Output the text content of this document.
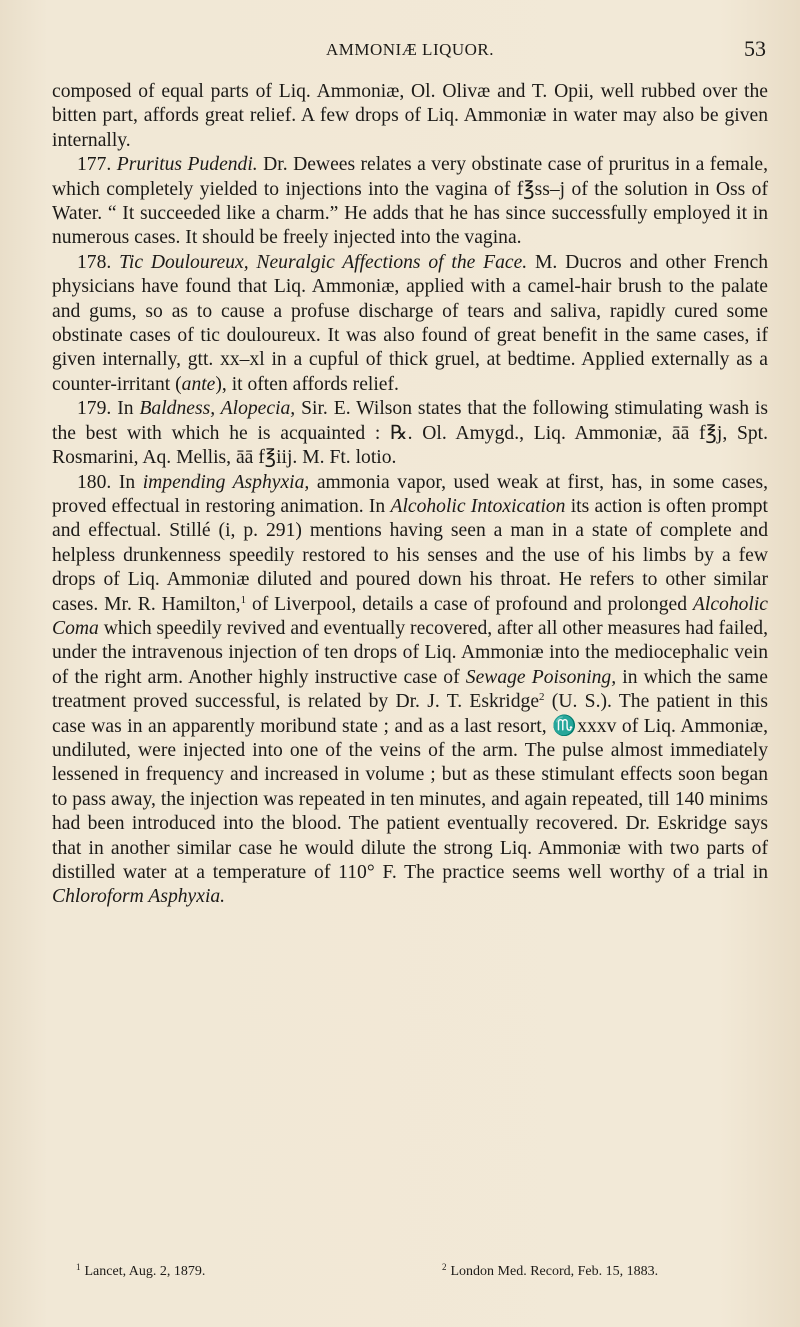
AMMONIÆ LIQUOR.	53

composed of equal parts of Liq. Ammoniæ, Ol. Olivæ and T. Opii, well rubbed over the bitten part, affords great relief. A few drops of Liq. Ammoniæ in water may also be given internally.

177. Pruritus Pudendi. Dr. Dewees relates a very obstinate case of pruritus in a female, which completely yielded to injections into the vagina of f℥ss–j of the solution in Oss of Water. “ It succeeded like a charm.” He adds that he has since successfully employed it in numerous cases. It should be freely injected into the vagina.

178. Tic Douloureux, Neuralgic Affections of the Face. M. Ducros and other French physicians have found that Liq. Ammoniæ, applied with a camel-hair brush to the palate and gums, so as to cause a profuse discharge of tears and saliva, rapidly cured some obstinate cases of tic douloureux. It was also found of great benefit in the same cases, if given internally, gtt. xx–xl in a cupful of thick gruel, at bedtime. Applied externally as a counter-irritant (ante), it often affords relief.

179. In Baldness, Alopecia, Sir. E. Wilson states that the following stimulating wash is the best with which he is acquainted : ℞. Ol. Amygd., Liq. Ammoniæ, āā f℥j, Spt. Rosmarini, Aq. Mellis, āā f℥iij. M. Ft. lotio.

180. In impending Asphyxia, ammonia vapor, used weak at first, has, in some cases, proved effectual in restoring animation. In Alcoholic Intoxication its action is often prompt and effectual. Stillé (i, p. 291) mentions having seen a man in a state of complete and helpless drunkenness speedily restored to his senses and the use of his limbs by a few drops of Liq. Ammoniæ diluted and poured down his throat. He refers to other similar cases. Mr. R. Hamilton,$^1$ of Liverpool, details a case of profound and prolonged Alcoholic Coma which speedily revived and eventually recovered, after all other measures had failed, under the intravenous injection of ten drops of Liq. Ammoniæ into the mediocephalic vein of the right arm. Another highly instructive case of Sewage Poisoning, in which the same treatment proved successful, is related by Dr. J. T. Eskridge$^2$ (U. S.). The patient in this case was in an apparently moribund state ; and as a last resort, ♏xxxv of Liq. Ammoniæ, undiluted, were injected into one of the veins of the arm. The pulse almost immediately lessened in frequency and increased in volume ; but as these stimulant effects soon began to pass away, the injection was repeated in ten minutes, and again repeated, till 140 minims had been introduced into the blood. The patient eventually recovered. Dr. Eskridge says that in another similar case he would dilute the strong Liq. Ammoniæ with two parts of distilled water at a temperature of 110° F. The practice seems well worthy of a trial in Chloroform Asphyxia.

$^1$ Lancet, Aug. 2, 1879.	$^2$ London Med. Record, Feb. 15, 1883.
